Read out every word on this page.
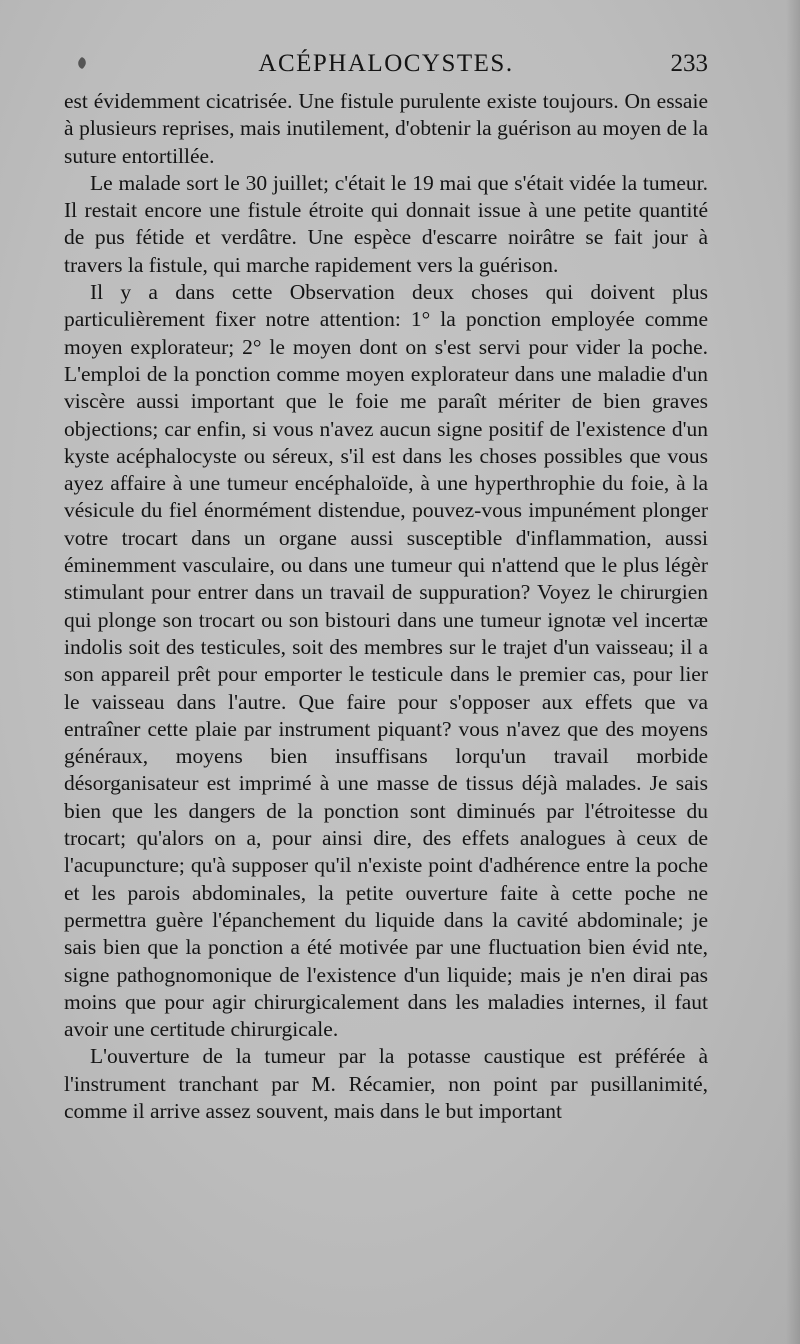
ACÉPHALOCYSTES.	233

est évidemment cicatrisée. Une fistule purulente existe toujours. On essaie à plusieurs reprises, mais inutilement, d'obtenir la guérison au moyen de la suture entortillée.

Le malade sort le 30 juillet; c'était le 19 mai que s'était vidée la tumeur. Il restait encore une fistule étroite qui donnait issue à une petite quantité de pus fétide et verdâtre. Une espèce d'escarre noirâtre se fait jour à travers la fistule, qui marche rapidement vers la guérison.

Il y a dans cette Observation deux choses qui doivent plus particulièrement fixer notre attention: 1° la ponction employée comme moyen explorateur; 2° le moyen dont on s'est servi pour vider la poche. L'emploi de la ponction comme moyen explorateur dans une maladie d'un viscère aussi important que le foie me paraît mériter de bien graves objections; car enfin, si vous n'avez aucun signe positif de l'existence d'un kyste acéphalocyste ou séreux, s'il est dans les choses possibles que vous ayez affaire à une tumeur encéphaloïde, à une hyperthrophie du foie, à la vésicule du fiel énormément distendue, pouvez-vous impunément plonger votre trocart dans un organe aussi susceptible d'inflammation, aussi éminemment vasculaire, ou dans une tumeur qui n'attend que le plus légèr stimulant pour entrer dans un travail de suppuration? Voyez le chirurgien qui plonge son trocart ou son bistouri dans une tumeur ignotæ vel incertæ indolis soit des testicules, soit des membres sur le trajet d'un vaisseau; il a son appareil prêt pour emporter le testicule dans le premier cas, pour lier le vaisseau dans l'autre. Que faire pour s'opposer aux effets que va entraîner cette plaie par instrument piquant? vous n'avez que des moyens généraux, moyens bien insuffisans lorqu'un travail morbide désorganisateur est imprimé à une masse de tissus déjà malades. Je sais bien que les dangers de la ponction sont diminués par l'étroitesse du trocart; qu'alors on a, pour ainsi dire, des effets analogues à ceux de l'acupuncture; qu'à supposer qu'il n'existe point d'adhérence entre la poche et les parois abdominales, la petite ouverture faite à cette poche ne permettra guère l'épanchement du liquide dans la cavité abdominale; je sais bien que la ponction a été motivée par une fluctuation bien évid nte, signe pathognomonique de l'existence d'un liquide; mais je n'en dirai pas moins que pour agir chirurgicalement dans les maladies internes, il faut avoir une certitude chirurgicale.

L'ouverture de la tumeur par la potasse caustique est préférée à l'instrument tranchant par M. Récamier, non point par pusillanimité, comme il arrive assez souvent, mais dans le but important
